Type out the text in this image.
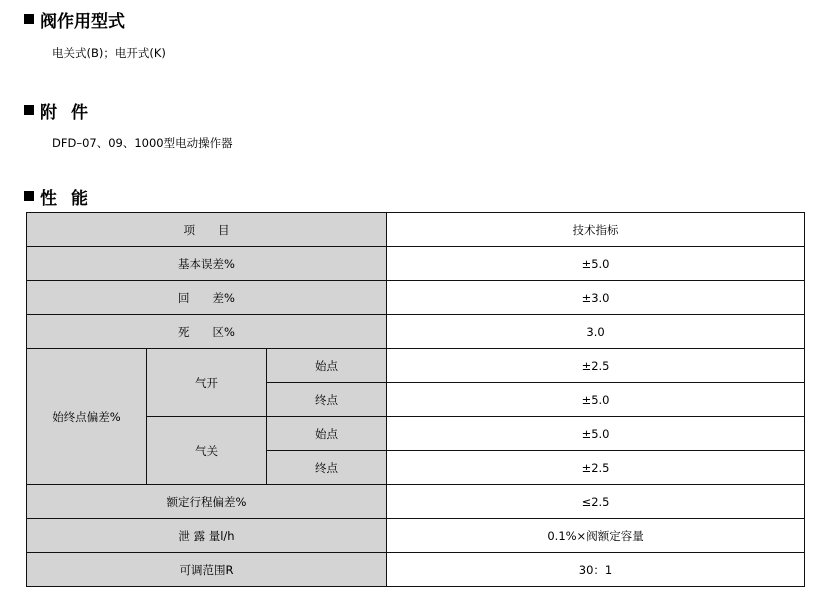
阀作用型式
电关式(B)；电开式(K)
附件
DFD–07、09、1000型电动操作器
性能
项　　目			技术指标
基本误差%			±5.0
回　　差%			±3.0
死　　区%			3.0
始终点偏差%	气开	始点	±2.5
		终点	±5.0
	气关	始点	±5.0
		终点	±2.5
额定行程偏差%			≤2.5
泄 露 量l/h			0.1%×阀额定容量
可调范围R			30：1
